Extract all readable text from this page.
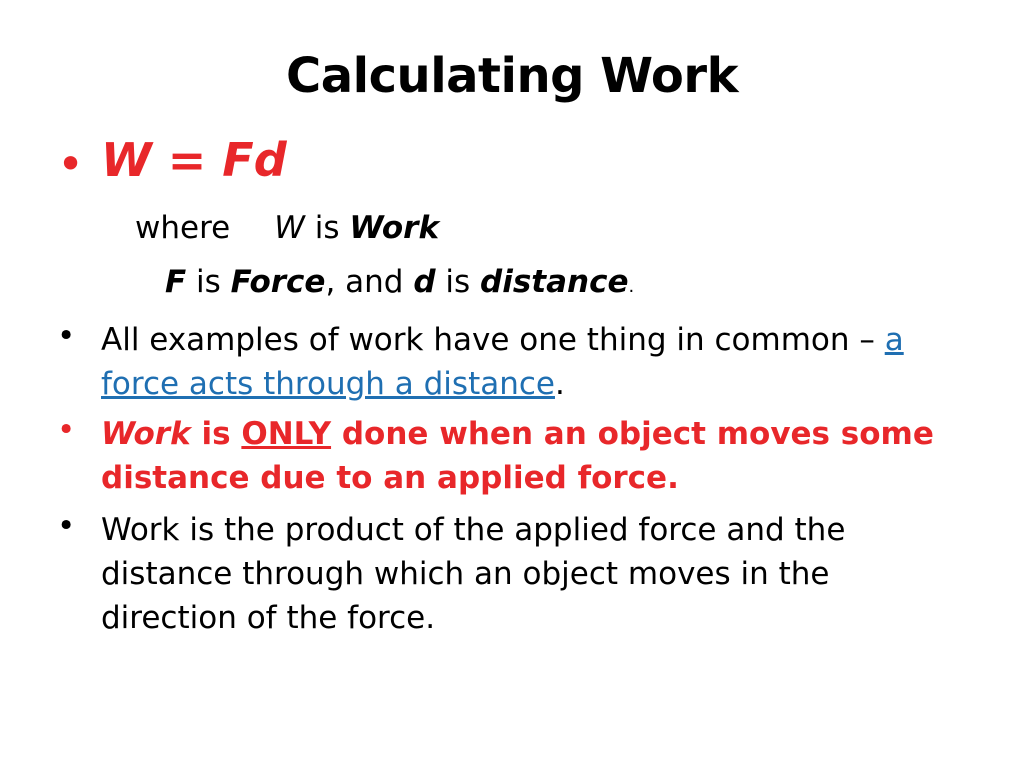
Calculating Work
• W = Fd
where W is Work
F is Force, and d is distance.
• All examples of work have one thing in common – a force acts through a distance.
• Work is ONLY done when an object moves some distance due to an applied force.
• Work is the product of the applied force and the distance through which an object moves in the direction of the force.
